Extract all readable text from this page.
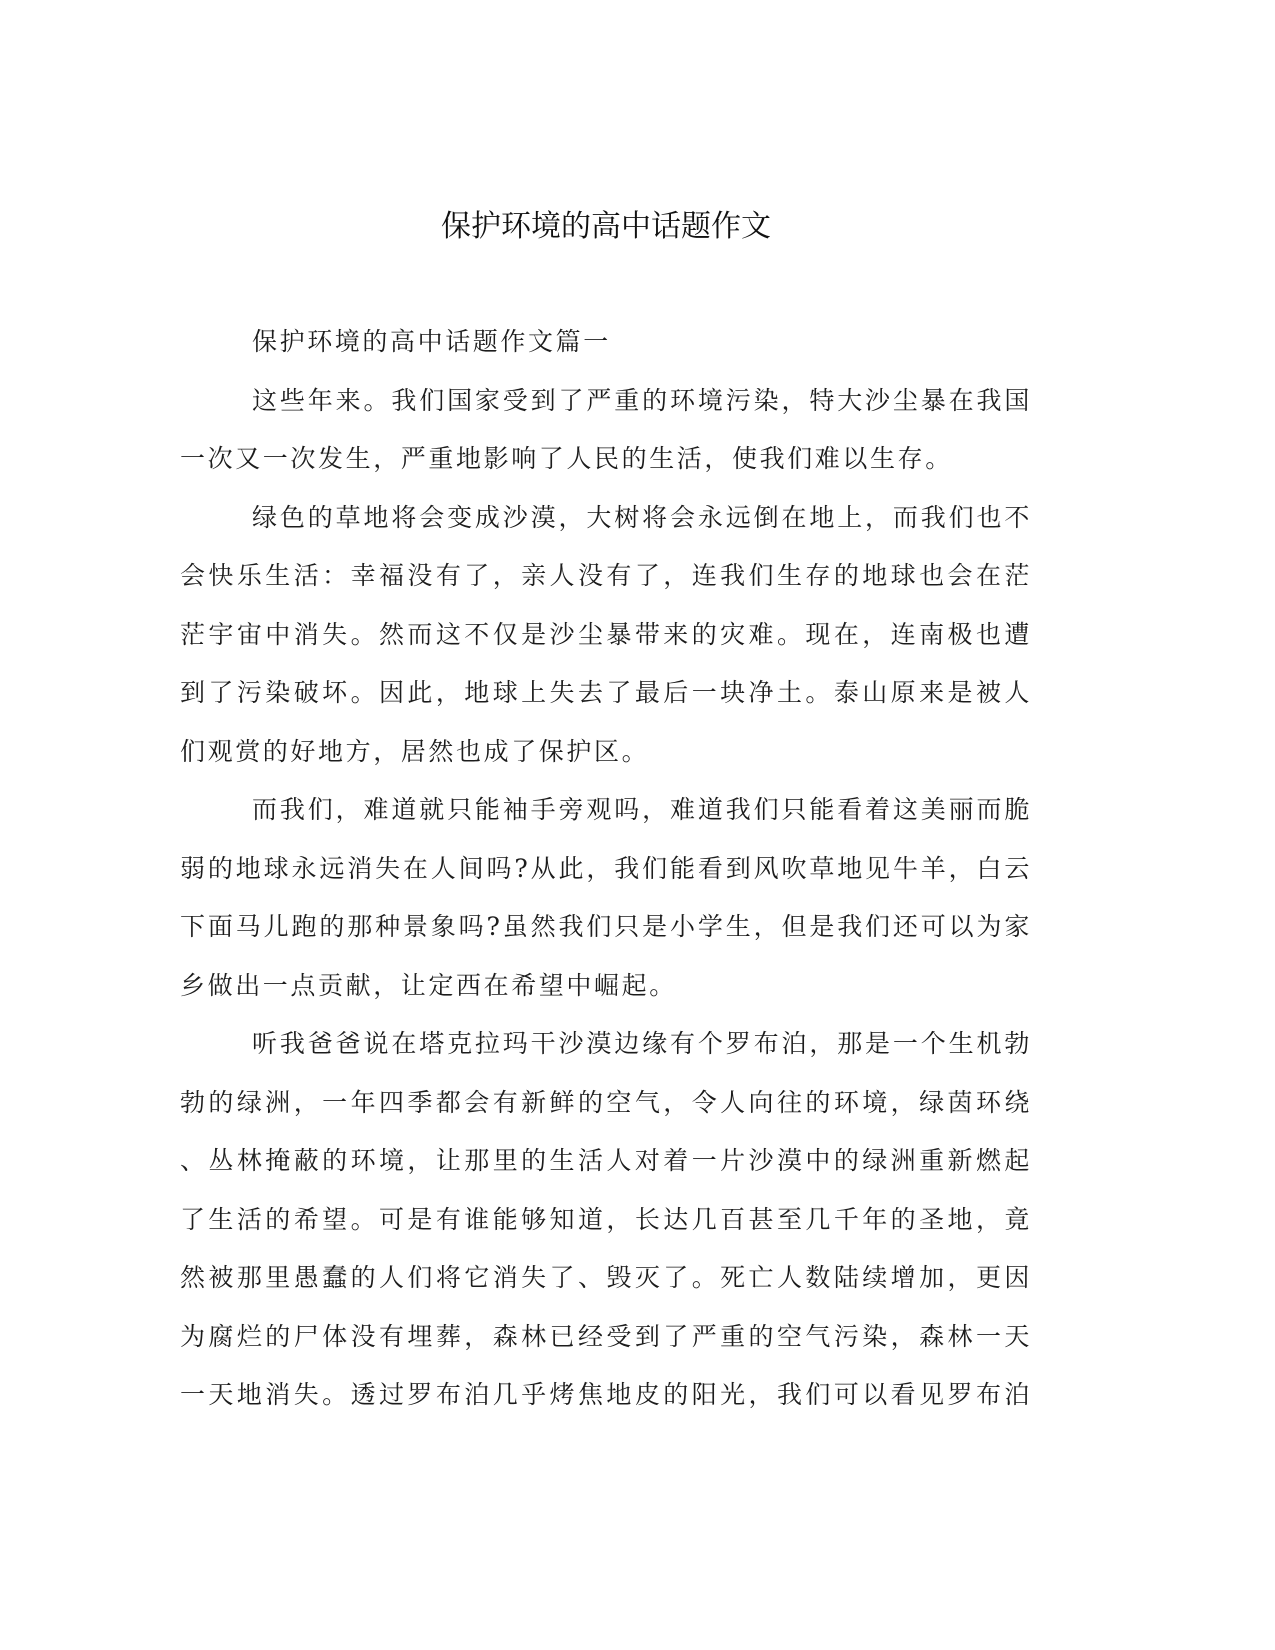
保护环境的高中话题作文
保护环境的高中话题作文篇一
这些年来。我们国家受到了严重的环境污染，特大沙尘暴在我国
一次又一次发生，严重地影响了人民的生活，使我们难以生存。
绿色的草地将会变成沙漠，大树将会永远倒在地上，而我们也不
会快乐生活：幸福没有了，亲人没有了，连我们生存的地球也会在茫
茫宇宙中消失。然而这不仅是沙尘暴带来的灾难。现在，连南极也遭
到了污染破坏。因此，地球上失去了最后一块净土。泰山原来是被人
们观赏的好地方，居然也成了保护区。
而我们，难道就只能袖手旁观吗，难道我们只能看着这美丽而脆
弱的地球永远消失在人间吗?从此，我们能看到风吹草地见牛羊，白云
下面马儿跑的那种景象吗?虽然我们只是小学生，但是我们还可以为家
乡做出一点贡献，让定西在希望中崛起。
听我爸爸说在塔克拉玛干沙漠边缘有个罗布泊，那是一个生机勃
勃的绿洲，一年四季都会有新鲜的空气，令人向往的环境，绿茵环绕
、丛林掩蔽的环境，让那里的生活人对着一片沙漠中的绿洲重新燃起
了生活的希望。可是有谁能够知道，长达几百甚至几千年的圣地，竟
然被那里愚蠢的人们将它消失了、毁灭了。死亡人数陆续增加，更因
为腐烂的尸体没有埋葬，森林已经受到了严重的空气污染，森林一天
一天地消失。透过罗布泊几乎烤焦地皮的阳光，我们可以看见罗布泊
